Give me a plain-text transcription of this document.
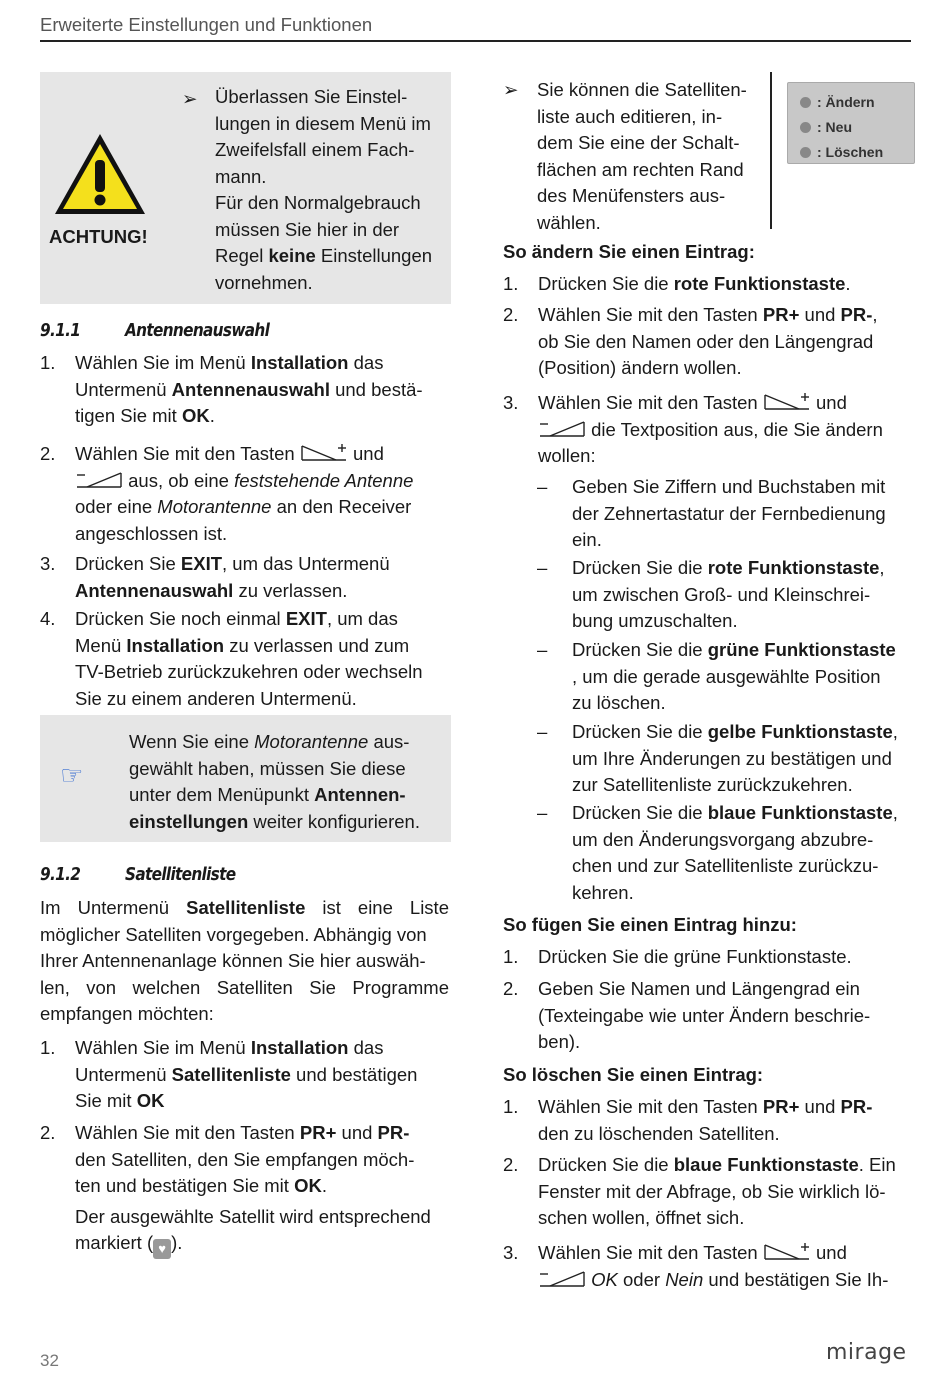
Erweiterte Einstellungen und Funktionen
ACHTUNG!
➢ Überlassen Sie Einstel-
lungen in diesem Menü im
Zweifelsfall einem Fach-
mann.
Für den Normalgebrauch
müssen Sie hier in der
Regel keine Einstellungen
vornehmen.
9.1.1 Antennenauswahl
1. Wählen Sie im Menü Installation das
Untermenü Antennenauswahl und bestä-
tigen Sie mit OK.
2. Wählen Sie mit den Tasten	und
aus, ob eine feststehende Antenne
oder eine Motorantenne an den Receiver
angeschlossen ist.
3. Drücken Sie EXIT, um das Untermenü
Antennenauswahl zu verlassen.
4. Drücken Sie noch einmal EXIT, um das
Menü Installation zu verlassen und zum
TV-Betrieb zurückzukehren oder wechseln
Sie zu einem anderen Untermenü.
☞
Wenn Sie eine Motorantenne aus-
gewählt haben, müssen Sie diese
unter dem Menüpunkt Antennen-
einstellungen weiter konfigurieren.
9.1.2 Satellitenliste
Im Untermenü Satellitenliste ist eine Liste
möglicher Satelliten vorgegeben. Abhängig von
Ihrer Antennenanlage können Sie hier auswäh-
len, von welchen Satelliten Sie Programme
empfangen möchten:
1. Wählen Sie im Menü Installation das
Untermenü Satellitenliste und bestätigen
Sie mit OK
2. Wählen Sie mit den Tasten PR+ und PR-
den Satelliten, den Sie empfangen möch-
ten und bestätigen Sie mit OK.
Der ausgewählte Satellit wird entsprechend
markiert ( ♥ ).
➢ Sie können die Satelliten-
liste auch editieren, in-
dem Sie eine der Schalt-
flächen am rechten Rand
des Menüfensters aus-
wählen.
: Ändern
: Neu
: Löschen
So ändern Sie einen Eintrag:
1. Drücken Sie die rote Funktionstaste.
2. Wählen Sie mit den Tasten PR+ und PR-,
ob Sie den Namen oder den Längengrad
(Position) ändern wollen.
3. Wählen Sie mit den Tasten	und
die Textposition aus, die Sie ändern
wollen:
– Geben Sie Ziffern und Buchstaben mit
der Zehnertastatur der Fernbedienung
ein.
– Drücken Sie die rote Funktionstaste,
um zwischen Groß- und Kleinschrei-
bung umzuschalten.
– Drücken Sie die grüne Funktionstaste
, um die gerade ausgewählte Position
zu löschen.
– Drücken Sie die gelbe Funktionstaste,
um Ihre Änderungen zu bestätigen und
zur Satellitenliste zurückzukehren.
– Drücken Sie die blaue Funktionstaste,
um den Änderungsvorgang abzubre-
chen und zur Satellitenliste zurückzu-
kehren.
So fügen Sie einen Eintrag hinzu:
1. Drücken Sie die grüne Funktionstaste.
2. Geben Sie Namen und Längengrad ein
(Texteingabe wie unter Ändern beschrie-
ben).
So löschen Sie einen Eintrag:
1. Wählen Sie mit den Tasten PR+ und PR-
den zu löschenden Satelliten.
2. Drücken Sie die blaue Funktionstaste. Ein
Fenster mit der Abfrage, ob Sie wirklich lö-
schen wollen, öffnet sich.
3. Wählen Sie mit den Tasten	und
OK oder Nein und bestätigen Sie Ih-
32	mirage
